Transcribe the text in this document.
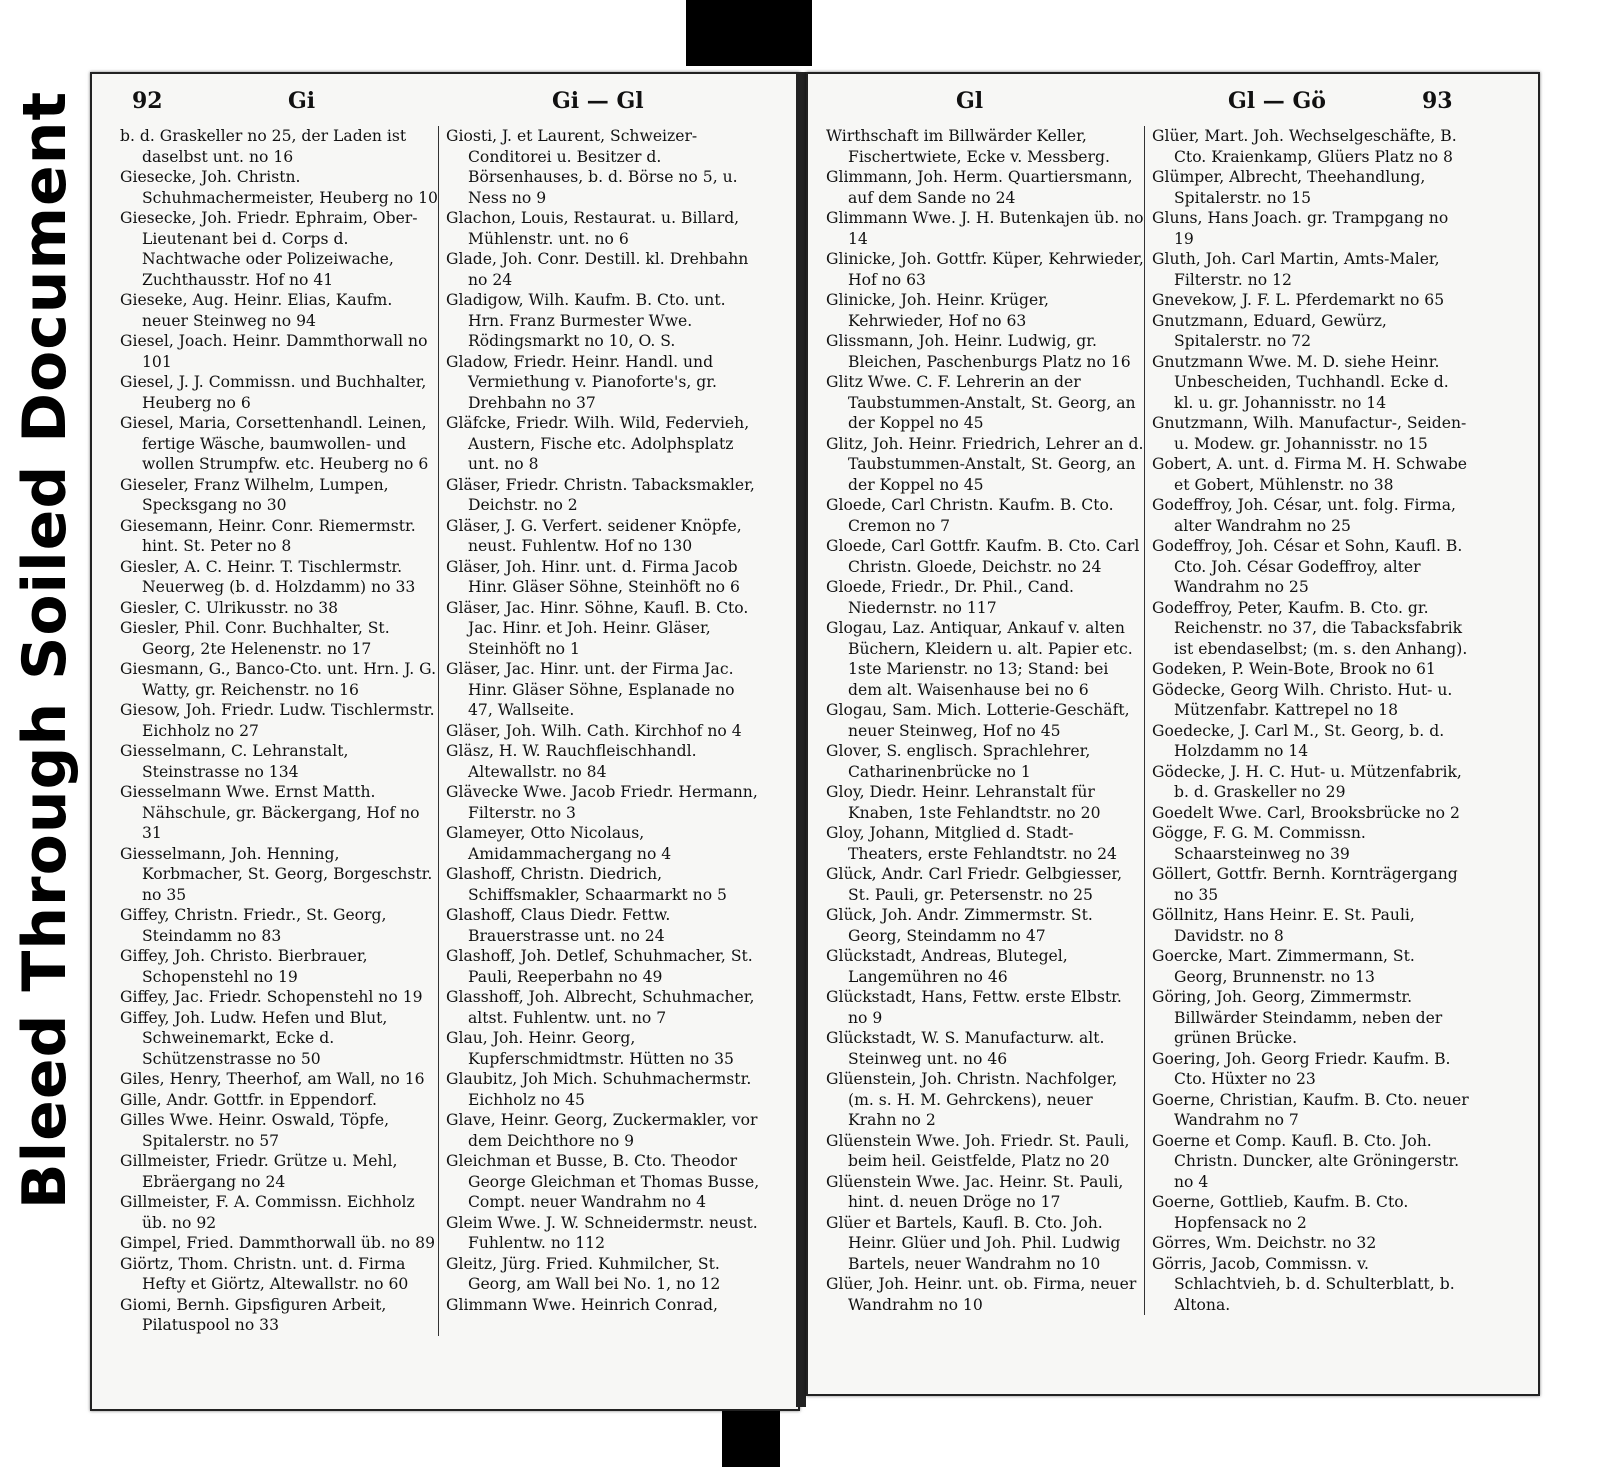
Bleed Through Soiled Document 92	Gi	Gi — Gl

b. d. Graskeller no 25, der Laden ist daselbst unt. no 16

Giesecke, Joh. Christn. Schuhmachermeister, Heuberg no 10

Giesecke, Joh. Friedr. Ephraim, Ober-Lieutenant bei d. Corps d. Nachtwache oder Polizeiwache, Zuchthausstr. Hof no 41

Gieseke, Aug. Heinr. Elias, Kaufm. neuer Steinweg no 94

Giesel, Joach. Heinr. Dammthorwall no 101

Giesel, J. J. Commissn. und Buchhalter, Heuberg no 6

Giesel, Maria, Corsettenhandl. Leinen, fertige Wäsche, baumwollen- und wollen Strumpfw. etc. Heuberg no 6

Gieseler, Franz Wilhelm, Lumpen, Specksgang no 30

Giesemann, Heinr. Conr. Riemermstr. hint. St. Peter no 8

Giesler, A. C. Heinr. T. Tischlermstr. Neuerweg (b. d. Holzdamm) no 33

Giesler, C. Ulrikusstr. no 38

Giesler, Phil. Conr. Buchhalter, St. Georg, 2te Helenenstr. no 17

Giesmann, G., Banco-Cto. unt. Hrn. J. G. Watty, gr. Reichenstr. no 16

Giesow, Joh. Friedr. Ludw. Tischlermstr. Eichholz no 27

Giesselmann, C. Lehranstalt, Steinstrasse no 134

Giesselmann Wwe. Ernst Matth. Nähschule, gr. Bäckergang, Hof no 31

Giesselmann, Joh. Henning, Korbmacher, St. Georg, Borgeschstr. no 35

Giffey, Christn. Friedr., St. Georg, Steindamm no 83

Giffey, Joh. Christo. Bierbrauer, Schopenstehl no 19

Giffey, Jac. Friedr. Schopenstehl no 19

Giffey, Joh. Ludw. Hefen und Blut, Schweinemarkt, Ecke d. Schützenstrasse no 50

Giles, Henry, Theerhof, am Wall, no 16

Gille, Andr. Gottfr. in Eppendorf.

Gilles Wwe. Heinr. Oswald, Töpfe, Spitalerstr. no 57

Gillmeister, Friedr. Grütze u. Mehl, Ebräergang no 24

Gillmeister, F. A. Commissn. Eichholz üb. no 92

Gimpel, Fried. Dammthorwall üb. no 89

Giörtz, Thom. Christn. unt. d. Firma Hefty et Giörtz, Altewallstr. no 60

Giomi, Bernh. Gipsfiguren Arbeit, Pilatuspool no 33

Giosti, J. et Laurent, Schweizer-Conditorei u. Besitzer d. Börsenhauses, b. d. Börse no 5, u. Ness no 9

Glachon, Louis, Restaurat. u. Billard, Mühlenstr. unt. no 6

Glade, Joh. Conr. Destill. kl. Drehbahn no 24

Gladigow, Wilh. Kaufm. B. Cto. unt. Hrn. Franz Burmester Wwe. Rödingsmarkt no 10, O. S.

Gladow, Friedr. Heinr. Handl. und Vermiethung v. Pianoforte's, gr. Drehbahn no 37

Gläfcke, Friedr. Wilh. Wild, Federvieh, Austern, Fische etc. Adolphsplatz unt. no 8

Gläser, Friedr. Christn. Tabacksmakler, Deichstr. no 2

Gläser, J. G. Verfert. seidener Knöpfe, neust. Fuhlentw. Hof no 130

Gläser, Joh. Hinr. unt. d. Firma Jacob Hinr. Gläser Söhne, Steinhöft no 6

Gläser, Jac. Hinr. Söhne, Kaufl. B. Cto. Jac. Hinr. et Joh. Heinr. Gläser, Steinhöft no 1

Gläser, Jac. Hinr. unt. der Firma Jac. Hinr. Gläser Söhne, Esplanade no 47, Wallseite.

Gläser, Joh. Wilh. Cath. Kirchhof no 4

Gläsz, H. W. Rauchfleischhandl. Altewallstr. no 84

Glävecke Wwe. Jacob Friedr. Hermann, Filterstr. no 3

Glameyer, Otto Nicolaus, Amidammachergang no 4

Glashoff, Christn. Diedrich, Schiffsmakler, Schaarmarkt no 5

Glashoff, Claus Diedr. Fettw. Brauerstrasse unt. no 24

Glashoff, Joh. Detlef, Schuhmacher, St. Pauli, Reeperbahn no 49

Glasshoff, Joh. Albrecht, Schuhmacher, altst. Fuhlentw. unt. no 7

Glau, Joh. Heinr. Georg, Kupferschmidtmstr. Hütten no 35

Glaubitz, Joh Mich. Schuhmachermstr. Eichholz no 45

Glave, Heinr. Georg, Zuckermakler, vor dem Deichthore no 9

Gleichman et Busse, B. Cto. Theodor George Gleichman et Thomas Busse, Compt. neuer Wandrahm no 4

Gleim Wwe. J. W. Schneidermstr. neust. Fuhlentw. no 112

Gleitz, Jürg. Fried. Kuhmilcher, St. Georg, am Wall bei No. 1, no 12

Glimmann Wwe. Heinrich Conrad,

Gl	Gl — Gö	93

Wirthschaft im Billwärder Keller, Fischertwiete, Ecke v. Messberg.

Glimmann, Joh. Herm. Quartiersmann, auf dem Sande no 24

Glimmann Wwe. J. H. Butenkajen üb. no 14

Glinicke, Joh. Gottfr. Küper, Kehrwieder, Hof no 63

Glinicke, Joh. Heinr. Krüger, Kehrwieder, Hof no 63

Glissmann, Joh. Heinr. Ludwig, gr. Bleichen, Paschenburgs Platz no 16

Glitz Wwe. C. F. Lehrerin an der Taubstummen-Anstalt, St. Georg, an der Koppel no 45

Glitz, Joh. Heinr. Friedrich, Lehrer an d. Taubstummen-Anstalt, St. Georg, an der Koppel no 45

Gloede, Carl Christn. Kaufm. B. Cto. Cremon no 7

Gloede, Carl Gottfr. Kaufm. B. Cto. Carl Christn. Gloede, Deichstr. no 24

Gloede, Friedr., Dr. Phil., Cand. Niedernstr. no 117

Glogau, Laz. Antiquar, Ankauf v. alten Büchern, Kleidern u. alt. Papier etc. 1ste Marienstr. no 13; Stand: bei dem alt. Waisenhause bei no 6

Glogau, Sam. Mich. Lotterie-Geschäft, neuer Steinweg, Hof no 45

Glover, S. englisch. Sprachlehrer, Catharinenbrücke no 1

Gloy, Diedr. Heinr. Lehranstalt für Knaben, 1ste Fehlandtstr. no 20

Gloy, Johann, Mitglied d. Stadt-Theaters, erste Fehlandtstr. no 24

Glück, Andr. Carl Friedr. Gelbgiesser, St. Pauli, gr. Petersenstr. no 25

Glück, Joh. Andr. Zimmermstr. St. Georg, Steindamm no 47

Glückstadt, Andreas, Blutegel, Langemühren no 46

Glückstadt, Hans, Fettw. erste Elbstr. no 9

Glückstadt, W. S. Manufacturw. alt. Steinweg unt. no 46

Glüenstein, Joh. Christn. Nachfolger, (m. s. H. M. Gehrckens), neuer Krahn no 2

Glüenstein Wwe. Joh. Friedr. St. Pauli, beim heil. Geistfelde, Platz no 20

Glüenstein Wwe. Jac. Heinr. St. Pauli, hint. d. neuen Dröge no 17

Glüer et Bartels, Kaufl. B. Cto. Joh. Heinr. Glüer und Joh. Phil. Ludwig Bartels, neuer Wandrahm no 10

Glüer, Joh. Heinr. unt. ob. Firma, neuer Wandrahm no 10

Glüer, Mart. Joh. Wechselgeschäfte, B. Cto. Kraienkamp, Glüers Platz no 8

Glümper, Albrecht, Theehandlung, Spitalerstr. no 15

Gluns, Hans Joach. gr. Trampgang no 19

Gluth, Joh. Carl Martin, Amts-Maler, Filterstr. no 12

Gnevekow, J. F. L. Pferdemarkt no 65

Gnutzmann, Eduard, Gewürz, Spitalerstr. no 72

Gnutzmann Wwe. M. D. siehe Heinr. Unbescheiden, Tuchhandl. Ecke d. kl. u. gr. Johannisstr. no 14

Gnutzmann, Wilh. Manufactur-, Seiden- u. Modew. gr. Johannisstr. no 15

Gobert, A. unt. d. Firma M. H. Schwabe et Gobert, Mühlenstr. no 38

Godeffroy, Joh. César, unt. folg. Firma, alter Wandrahm no 25

Godeffroy, Joh. César et Sohn, Kaufl. B. Cto. Joh. César Godeffroy, alter Wandrahm no 25

Godeffroy, Peter, Kaufm. B. Cto. gr. Reichenstr. no 37, die Tabacksfabrik ist ebendaselbst; (m. s. den Anhang).

Godeken, P. Wein-Bote, Brook no 61

Gödecke, Georg Wilh. Christo. Hut- u. Mützenfabr. Kattrepel no 18

Goedecke, J. Carl M., St. Georg, b. d. Holzdamm no 14

Gödecke, J. H. C. Hut- u. Mützenfabrik, b. d. Graskeller no 29

Goedelt Wwe. Carl, Brooksbrücke no 2

Gögge, F. G. M. Commissn. Schaarsteinweg no 39

Göllert, Gottfr. Bernh. Kornträgergang no 35

Göllnitz, Hans Heinr. E. St. Pauli, Davidstr. no 8

Goercke, Mart. Zimmermann, St. Georg, Brunnenstr. no 13

Göring, Joh. Georg, Zimmermstr. Billwärder Steindamm, neben der grünen Brücke.

Goering, Joh. Georg Friedr. Kaufm. B. Cto. Hüxter no 23

Goerne, Christian, Kaufm. B. Cto. neuer Wandrahm no 7

Goerne et Comp. Kaufl. B. Cto. Joh. Christn. Duncker, alte Gröningerstr. no 4

Goerne, Gottlieb, Kaufm. B. Cto. Hopfensack no 2

Görres, Wm. Deichstr. no 32

Görris, Jacob, Commissn. v. Schlachtvieh, b. d. Schulterblatt, b. Altona.
